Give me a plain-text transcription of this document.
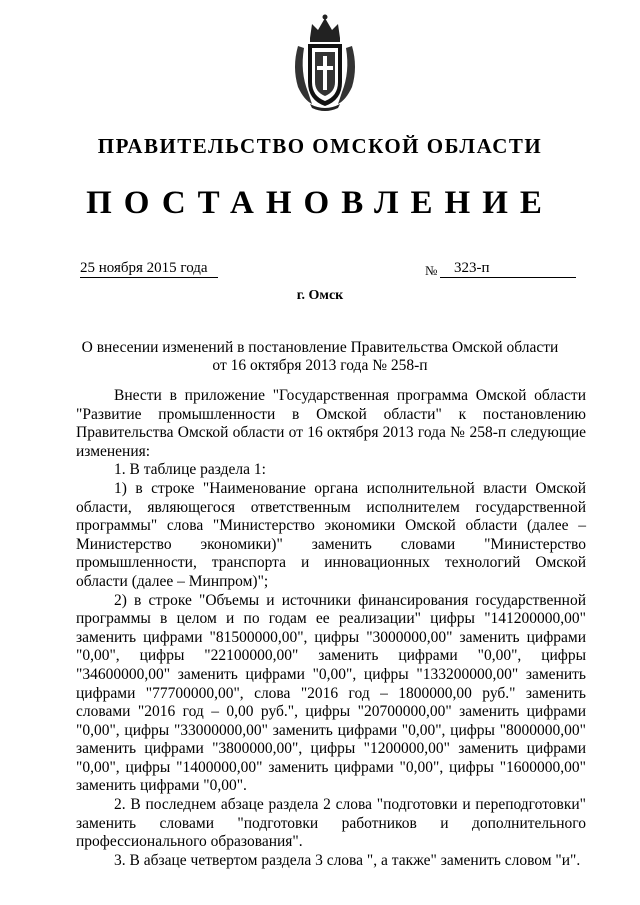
ПРАВИТЕЛЬСТВО ОМСКОЙ ОБЛАСТИ
ПОСТАНОВЛЕНИЕ
25 ноября 2015 года	№	323-п
г. Омск
О внесении изменений в постановление Правительства Омской области
от 16 октября 2013 года № 258-п

Внести в приложение "Государственная программа Омской области "Развитие промышленности в Омской области" к постановлению Правительства Омской области от 16 октября 2013 года № 258-п следующие изменения:

1. В таблице раздела 1:

1) в строке "Наименование органа исполнительной власти Омской области, являющегося ответственным исполнителем государственной программы" слова "Министерство экономики Омской области (далее – Министерство экономики)" заменить словами "Министерство промышленности, транспорта и инновационных технологий Омской области (далее – Минпром)";

2) в строке "Объемы и источники финансирования государственной программы в целом и по годам ее реализации" цифры "141200000,00" заменить цифрами "81500000,00", цифры "3000000,00" заменить цифрами "0,00", цифры "22100000,00" заменить цифрами "0,00", цифры "34600000,00" заменить цифрами "0,00", цифры "133200000,00" заменить цифрами "77700000,00", слова "2016 год – 1800000,00 руб." заменить словами "2016 год – 0,00 руб.", цифры "20700000,00" заменить цифрами "0,00", цифры "33000000,00" заменить цифрами "0,00", цифры "8000000,00" заменить цифрами "3800000,00", цифры "1200000,00" заменить цифрами "0,00", цифры "1400000,00" заменить цифрами "0,00", цифры "1600000,00" заменить цифрами "0,00".

2. В последнем абзаце раздела 2 слова "подготовки и переподготовки" заменить словами "подготовки работников и дополнительного профессионального образования".

3. В абзаце четвертом раздела 3 слова ", а также" заменить словом "и".
